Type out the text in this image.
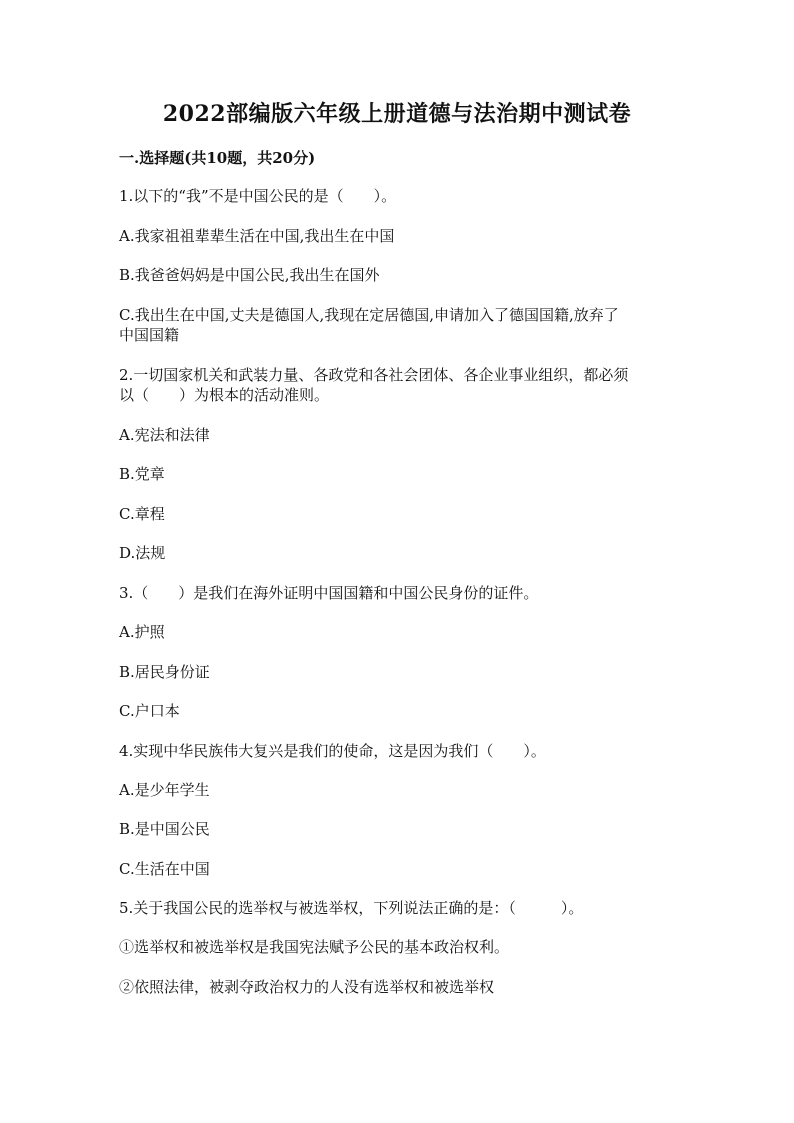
2022部编版六年级上册道德与法治期中测试卷
一.选择题(共10题，共20分)
1.以下的“我”不是中国公民的是（　　）。
A.我家祖祖辈辈生活在中国,我出生在中国
B.我爸爸妈妈是中国公民,我出生在国外
C.我出生在中国,丈夫是德国人,我现在定居德国,申请加入了德国国籍,放弃了
中国国籍
2.一切国家机关和武装力量、各政党和各社会团体、各企业事业组织，都必须
以（　　）为根本的活动准则。
A.宪法和法律
B.党章
C.章程
D.法规
3.（　　）是我们在海外证明中国国籍和中国公民身份的证件。
A.护照
B.居民身份证
C.户口本
4.实现中华民族伟大复兴是我们的使命，这是因为我们（　　）。
A.是少年学生
B.是中国公民
C.生活在中国
5.关于我国公民的选举权与被选举权，下列说法正确的是：（　　　）。
①选举权和被选举权是我国宪法赋予公民的基本政治权利。
②依照法律，被剥夺政治权力的人没有选举权和被选举权
